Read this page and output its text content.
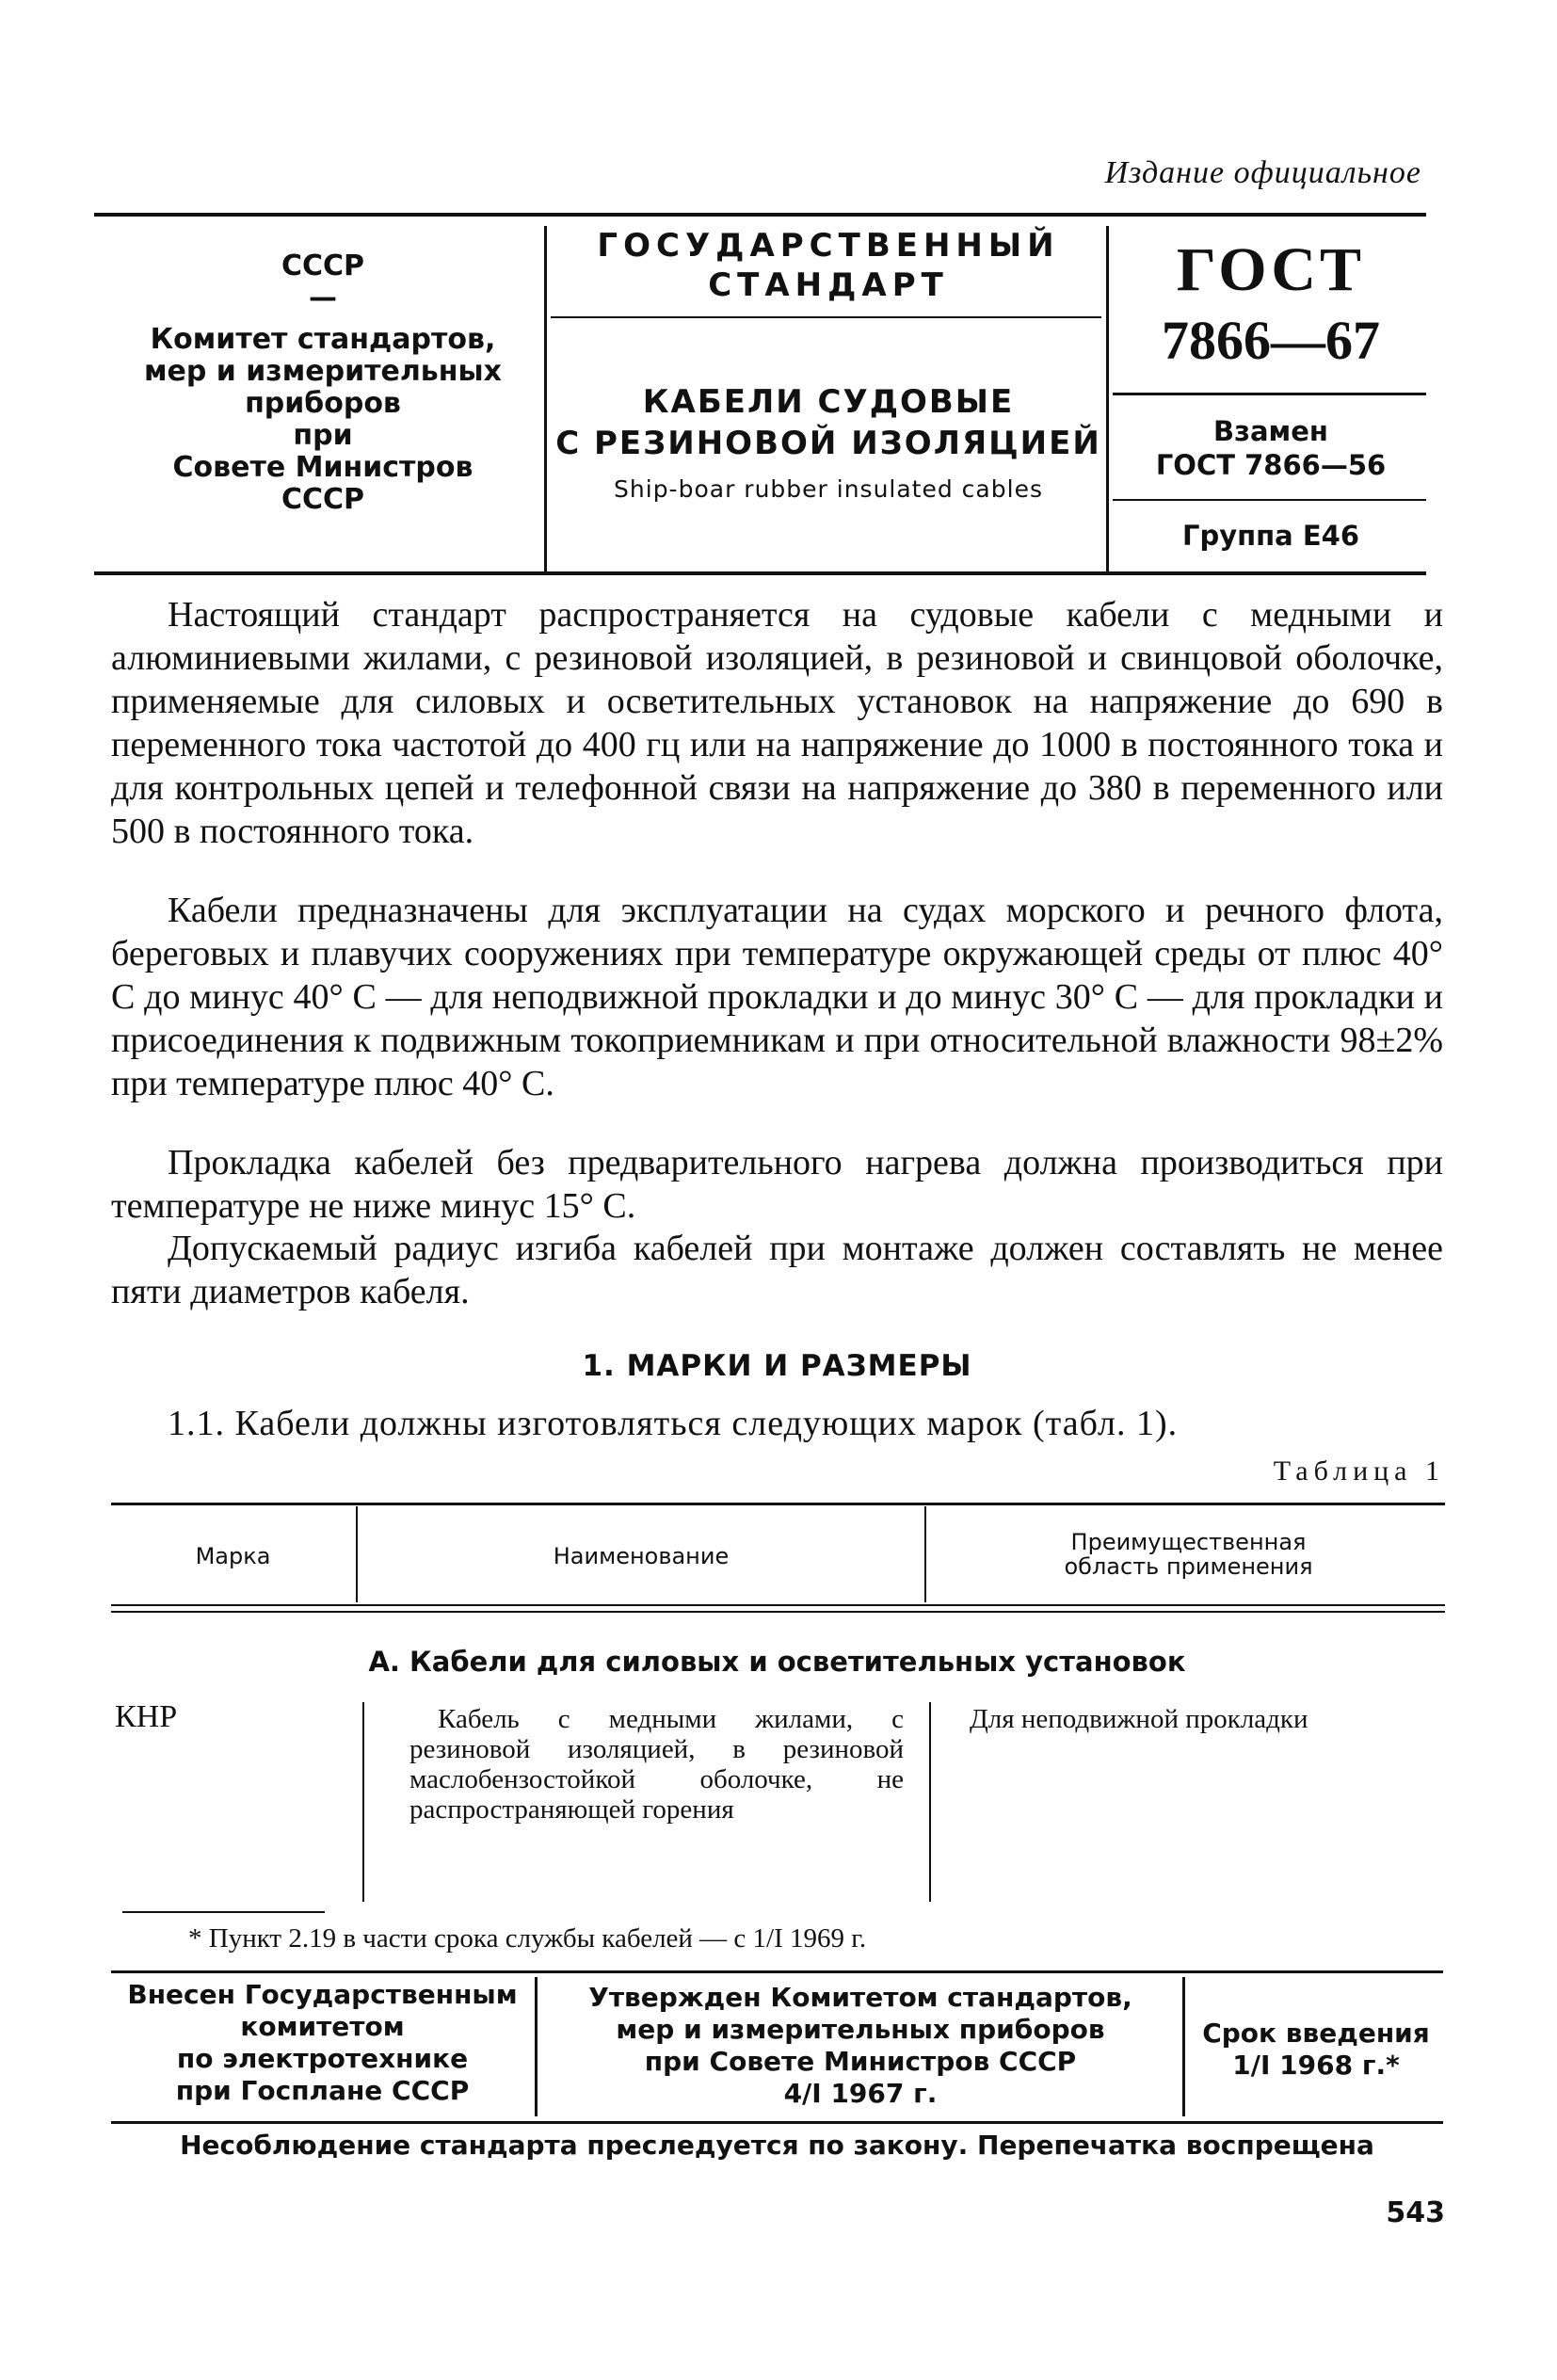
Издание официальное
СССР
—
Комитет стандартов,
мер и измерительных
приборов
при
Совете Министров
СССР
ГОСУДАРСТВЕННЫЙ
СТАНДАРТ
КАБЕЛИ СУДОВЫЕ
С РЕЗИНОВОЙ ИЗОЛЯЦИЕЙ
Ship-boar rubber insulated cables
ГОСТ
7866—67
Взамен
ГОСТ 7866—56
Группа Е46
Настоящий стандарт распространяется на судовые кабели с медными и алюминиевыми жилами, с резиновой изоляцией, в резиновой и свинцовой оболочке, применяемые для силовых и осветительных установок на напряжение до 690 в переменного тока частотой до 400 гц или на напряжение до 1000 в постоянного тока и для контрольных цепей и телефонной связи на напряжение до 380 в переменного или 500 в постоянного тока.
Кабели предназначены для эксплуатации на судах морского и речного флота, береговых и плавучих сооружениях при температуре окружающей среды от плюс 40° С до минус 40° С — для неподвижной прокладки и до минус 30° С — для прокладки и присоединения к подвижным токоприемникам и при относительной влажности 98±2% при температуре плюс 40° С.
Прокладка кабелей без предварительного нагрева должна производиться при температуре не ниже минус 15° С.
Допускаемый радиус изгиба кабелей при монтаже должен составлять не менее пяти диаметров кабеля.
1. МАРКИ И РАЗМЕРЫ
1.1. Кабели должны изготовляться следующих марок (табл. 1).
Таблица 1
Марка	Наименование
Преимущественная
область применения
А. Кабели для силовых и осветительных установок
КНР	Кабель с медными жилами, с резиновой изоляцией, в резиновой маслобензостойкой оболочке, не распространяющей горения
Для неподвижной прокладки
* Пункт 2.19 в части срока службы кабелей — с 1/I 1969 г.
Внесен Государственным
комитетом
по электротехнике
при Госплане СССР
Утвержден Комитетом стандартов,
мер и измерительных приборов
при Совете Министров СССР
4/I 1967 г.
Срок введения
1/I 1968 г.*
Несоблюдение стандарта преследуется по закону. Перепечатка воспрещена
543
